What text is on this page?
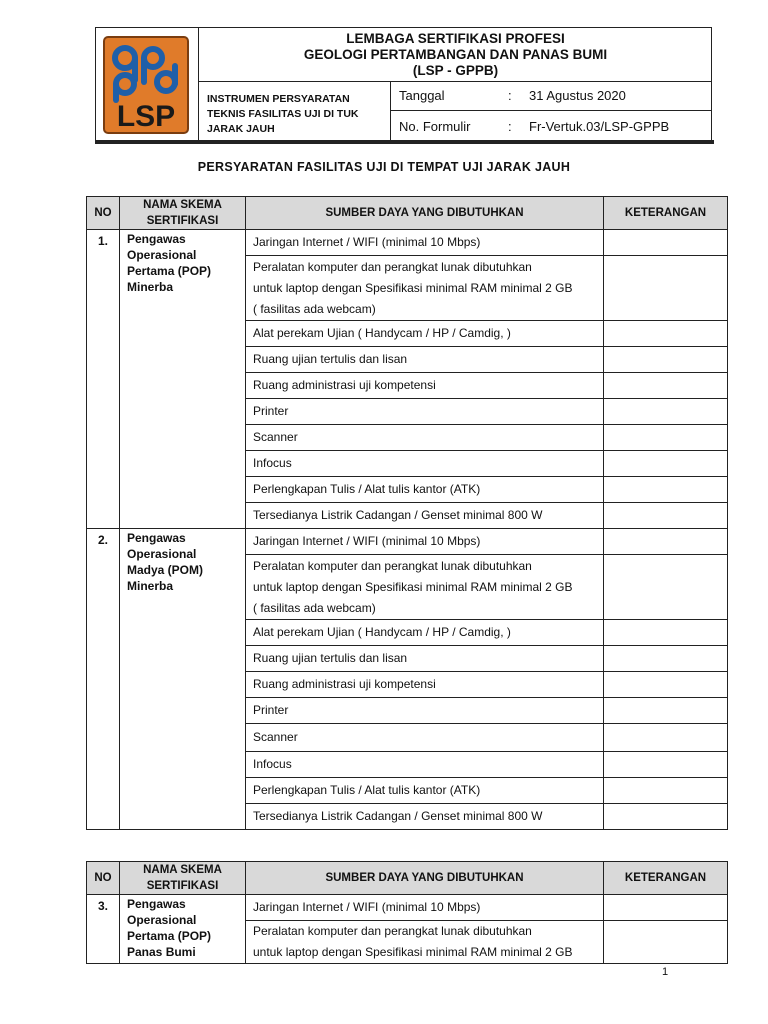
LSP
LEMBAGA SERTIFIKASI PROFESI
GEOLOGI PERTAMBANGAN DAN PANAS BUMI
(LSP - GPPB)
INSTRUMEN PERSYARATAN
TEKNIS FASILITAS UJI DI TUK
JARAK JAUH
Tanggal	: 31 Agustus 2020
No. Formulir	: Fr-Vertuk.03/LSP-GPPB
PERSYARATAN FASILITAS UJI DI TEMPAT UJI JARAK JAUH
NO	NAMA SKEMA
SERTIFIKASI	SUMBER DAYA YANG DIBUTUHKAN	KETERANGAN
1.	Pengawas
Operasional
Pertama (POP)
Minerba	Jaringan Internet / WIFI (minimal 10 Mbps)	

		Peralatan komputer dan perangkat lunak dibutuhkan
untuk laptop dengan Spesifikasi minimal RAM minimal 2 GB
( fasilitas ada webcam)	

		Alat perekam Ujian ( Handycam / HP / Camdig, )	
		Ruang ujian tertulis dan lisan	
		Ruang administrasi uji kompetensi	
		Printer	
		Scanner	
		Infocus	
		Perlengkapan Tulis / Alat tulis kantor (ATK)	
		Tersedianya Listrik Cadangan / Genset minimal 800 W	
2.	Pengawas
Operasional
Madya (POM)
Minerba	Jaringan Internet / WIFI (minimal 10 Mbps)	

		Peralatan komputer dan perangkat lunak dibutuhkan
untuk laptop dengan Spesifikasi minimal RAM minimal 2 GB
( fasilitas ada webcam)	

		Alat perekam Ujian ( Handycam / HP / Camdig, )	
		Ruang ujian tertulis dan lisan	
		Ruang administrasi uji kompetensi	
		Printer	
		Scanner	
		Infocus	
		Perlengkapan Tulis / Alat tulis kantor (ATK)	
		Tersedianya Listrik Cadangan / Genset minimal 800 W	
NO	NAMA SKEMA
SERTIFIKASI	SUMBER DAYA YANG DIBUTUHKAN	KETERANGAN
3.	Pengawas
Operasional
Pertama (POP)
Panas Bumi	Jaringan Internet / WIFI (minimal 10 Mbps)	

		Peralatan komputer dan perangkat lunak dibutuhkan
untuk laptop dengan Spesifikasi minimal RAM minimal 2 GB	

1
